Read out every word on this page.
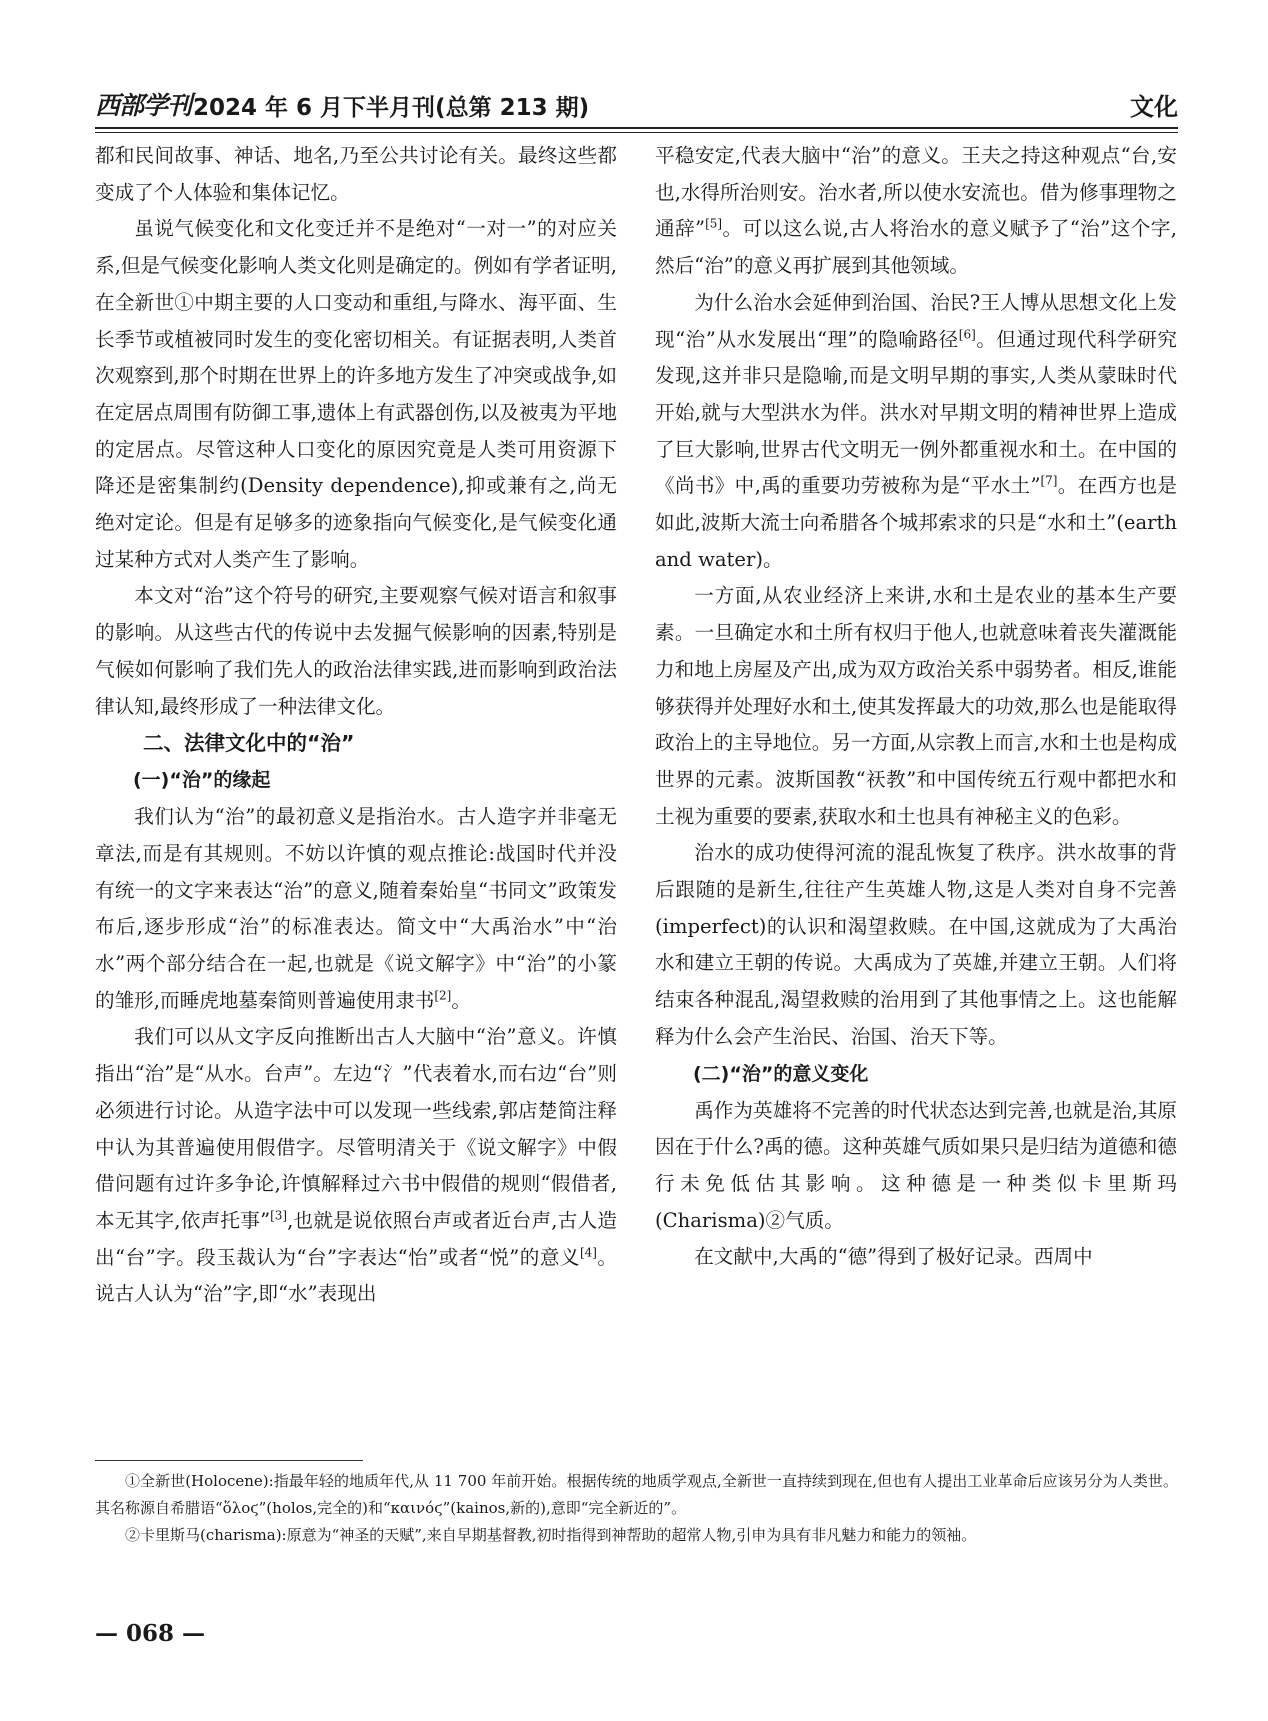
西部学刊 2024 年 6 月下半月刊(总第 213 期)	文化

都和民间故事、神话、地名,乃至公共讨论有关。最终这些都变成了个人体验和集体记忆。

虽说气候变化和文化变迁并不是绝对“一对一”的对应关系,但是气候变化影响人类文化则是确定的。例如有学者证明,在全新世①中期主要的人口变动和重组,与降水、海平面、生长季节或植被同时发生的变化密切相关。有证据表明,人类首次观察到,那个时期在世界上的许多地方发生了冲突或战争,如在定居点周围有防御工事,遗体上有武器创伤,以及被夷为平地的定居点。尽管这种人口变化的原因究竟是人类可用资源下降还是密集制约(Density dependence),抑或兼有之,尚无绝对定论。但是有足够多的迹象指向气候变化,是气候变化通过某种方式对人类产生了影响。

本文对“治”这个符号的研究,主要观察气候对语言和叙事的影响。从这些古代的传说中去发掘气候影响的因素,特别是气候如何影响了我们先人的政治法律实践,进而影响到政治法律认知,最终形成了一种法律文化。

二、法律文化中的“治”
(一)“治”的缘起

我们认为“治”的最初意义是指治水。古人造字并非毫无章法,而是有其规则。不妨以许慎的观点推论:战国时代并没有统一的文字来表达“治”的意义,随着秦始皇“书同文”政策发布后,逐步形成“治”的标准表达。简文中“大禹治水”中“治水”两个部分结合在一起,也就是《说文解字》中“治”的小篆的雏形,而睡虎地墓秦简则普遍使用隶书[2]。

我们可以从文字反向推断出古人大脑中“治”意义。许慎指出“治”是“从水。台声”。左边“氵”代表着水,而右边“台”则必须进行讨论。从造字法中可以发现一些线索,郭店楚简注释中认为其普遍使用假借字。尽管明清关于《说文解字》中假借问题有过许多争论,许慎解释过六书中假借的规则“假借者,本无其字,依声托事”[3],也就是说依照台声或者近台声,古人造出“台”字。段玉裁认为“台”字表达“怡”或者“悦”的意义[4]。说古人认为“治”字,即“水”表现出

平稳安定,代表大脑中“治”的意义。王夫之持这种观点“台,安也,水得所治则安。治水者,所以使水安流也。借为修事理物之通辞”[5]。可以这么说,古人将治水的意义赋予了“治”这个字,然后“治”的意义再扩展到其他领域。

为什么治水会延伸到治国、治民?王人博从思想文化上发现“治”从水发展出“理”的隐喻路径[6]。但通过现代科学研究发现,这并非只是隐喻,而是文明早期的事实,人类从蒙昧时代开始,就与大型洪水为伴。洪水对早期文明的精神世界上造成了巨大影响,世界古代文明无一例外都重视水和土。在中国的《尚书》中,禹的重要功劳被称为是“平水土”[7]。在西方也是如此,波斯大流士向希腊各个城邦索求的只是“水和土”(earth and water)。

一方面,从农业经济上来讲,水和土是农业的基本生产要素。一旦确定水和土所有权归于他人,也就意味着丧失灌溉能力和地上房屋及产出,成为双方政治关系中弱势者。相反,谁能够获得并处理好水和土,使其发挥最大的功效,那么也是能取得政治上的主导地位。另一方面,从宗教上而言,水和土也是构成世界的元素。波斯国教“祆教”和中国传统五行观中都把水和土视为重要的要素,获取水和土也具有神秘主义的色彩。

治水的成功使得河流的混乱恢复了秩序。洪水故事的背后跟随的是新生,往往产生英雄人物,这是人类对自身不完善(imperfect)的认识和渴望救赎。在中国,这就成为了大禹治水和建立王朝的传说。大禹成为了英雄,并建立王朝。人们将结束各种混乱,渴望救赎的治用到了其他事情之上。这也能解释为什么会产生治民、治国、治天下等。

(二)“治”的意义变化

禹作为英雄将不完善的时代状态达到完善,也就是治,其原因在于什么?禹的德。这种英雄气质如果只是归结为道德和德行未免低估其影响。这种德是一种类似卡里斯玛(Charisma)②气质。

在文献中,大禹的“德”得到了极好记录。西周中

①全新世(Holocene):指最年轻的地质年代,从 11 700 年前开始。根据传统的地质学观点,全新世一直持续到现在,但也有人提出工业革命后应该另分为人类世。其名称源自希腊语“ὅλοϛ”(holos,完全的)和“καινόϛ”(kainos,新的),意即“完全新近的”。

②卡里斯马(charisma):原意为“神圣的天赋”,来自早期基督教,初时指得到神帮助的超常人物,引申为具有非凡魅力和能力的领袖。

— 068 —
